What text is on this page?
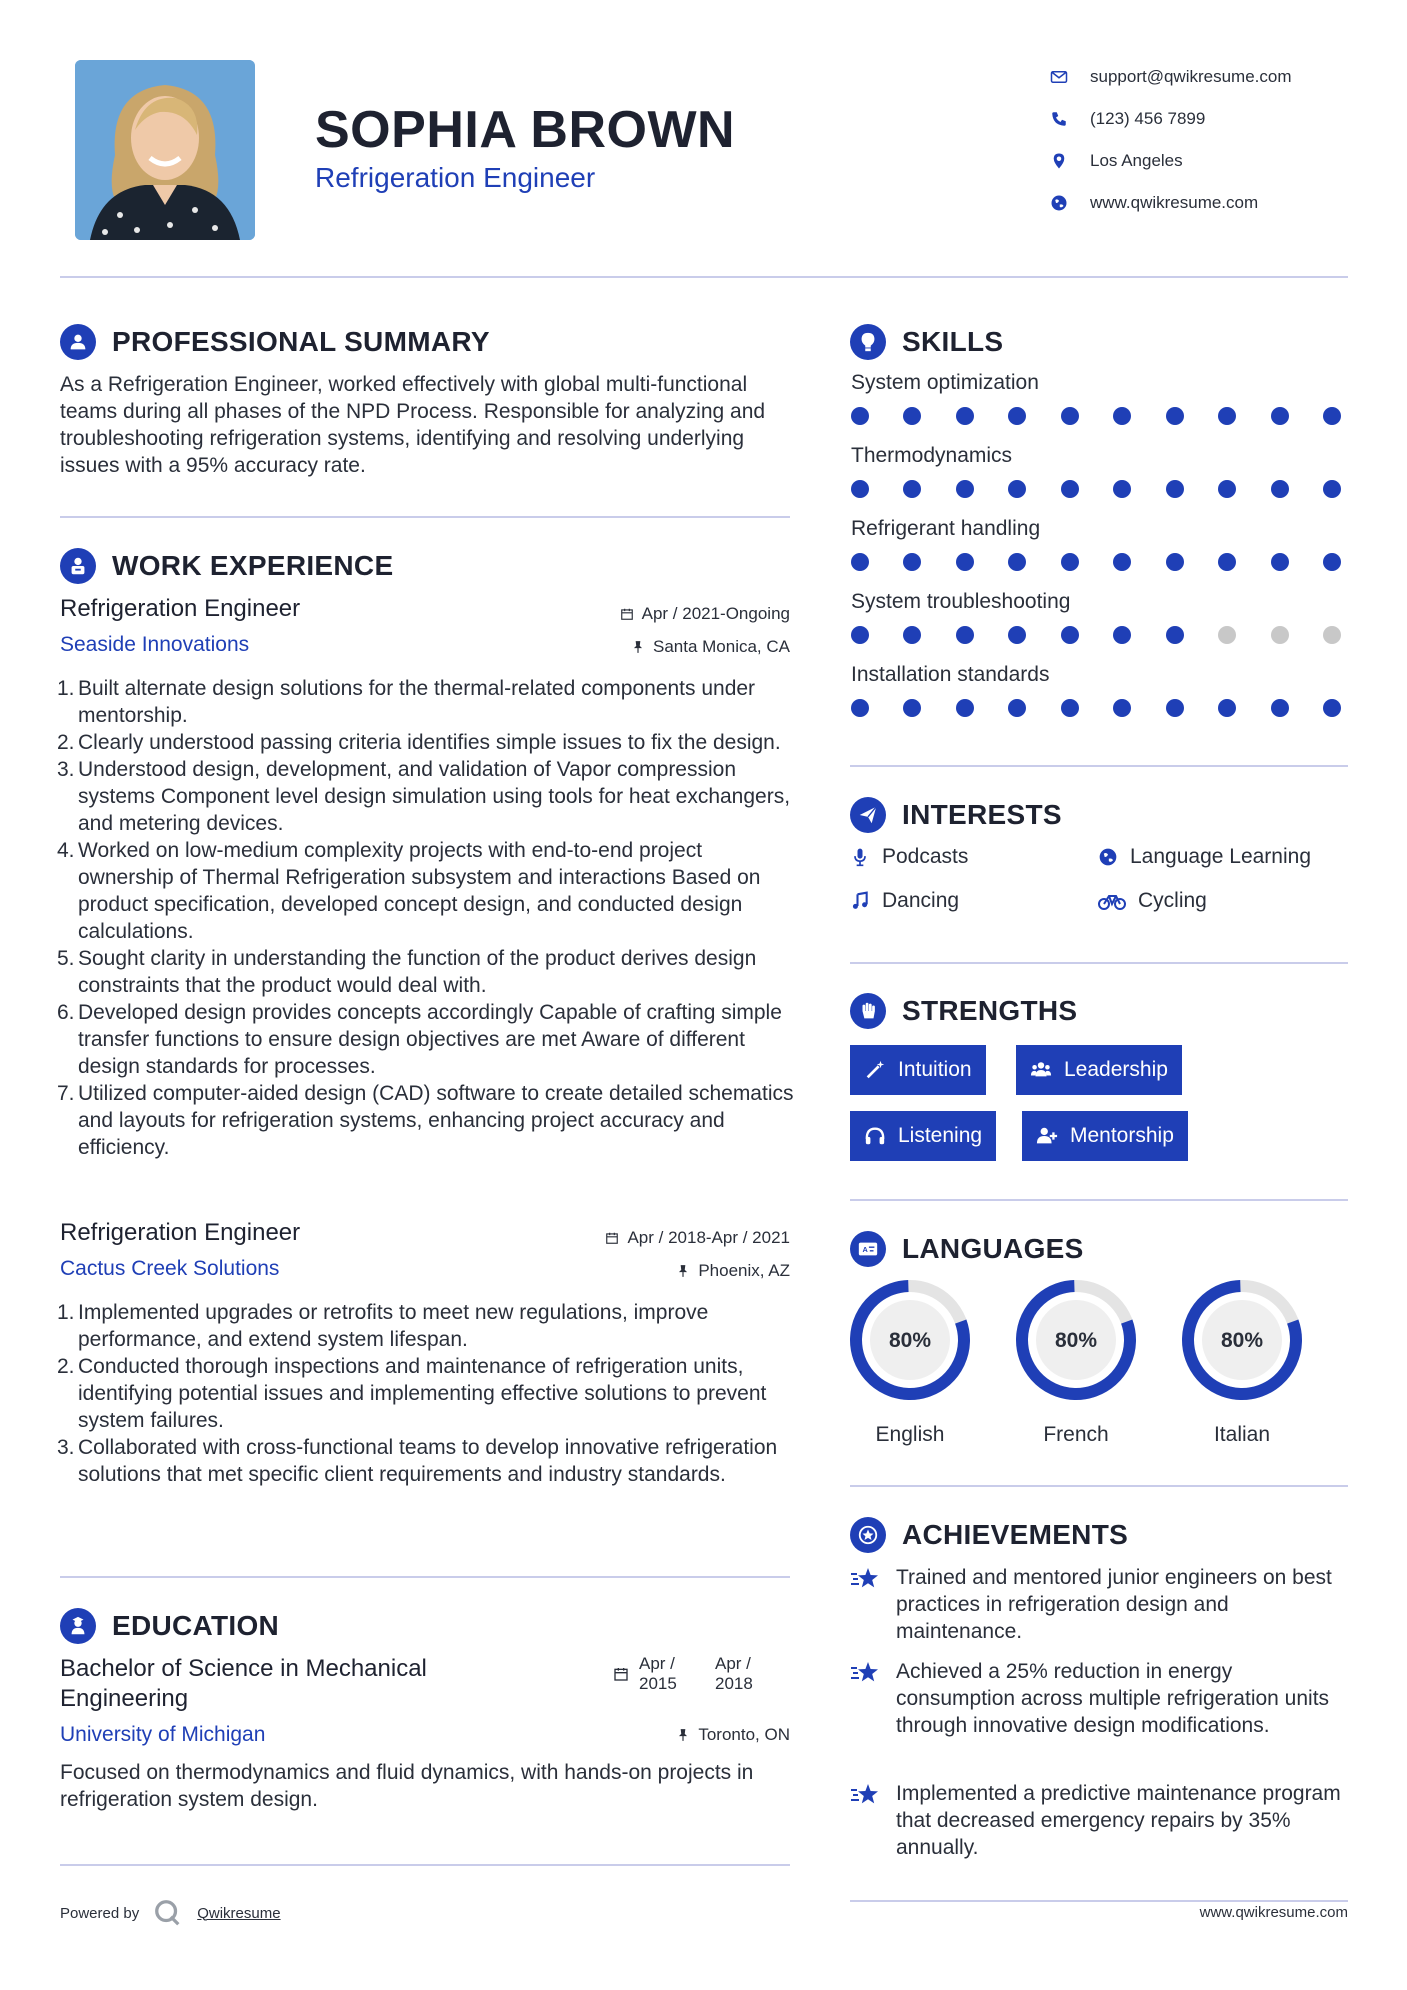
SOPHIA BROWN
Refrigeration Engineer
support@qwikresume.com
(123) 456 7899
Los Angeles
www.qwikresume.com
PROFESSIONAL SUMMARY
As a Refrigeration Engineer, worked effectively with global multi-functional teams during all phases of the NPD Process. Responsible for analyzing and troubleshooting refrigeration systems, identifying and resolving underlying issues with a 95% accuracy rate.
WORK EXPERIENCE
Refrigeration Engineer
Seaside Innovations
Apr / 2021-Ongoing
Santa Monica, CA
1. Built alternate design solutions for the thermal-related components under mentorship.
2. Clearly understood passing criteria identifies simple issues to fix the design.
3. Understood design, development, and validation of Vapor compression systems Component level design simulation using tools for heat exchangers, and metering devices.
4. Worked on low-medium complexity projects with end-to-end project ownership of Thermal Refrigeration subsystem and interactions Based on product specification, developed concept design, and conducted design calculations.
5. Sought clarity in understanding the function of the product derives design constraints that the product would deal with.
6. Developed design provides concepts accordingly Capable of crafting simple transfer functions to ensure design objectives are met Aware of different design standards for processes.
7. Utilized computer-aided design (CAD) software to create detailed schematics and layouts for refrigeration systems, enhancing project accuracy and efficiency.
Refrigeration Engineer
Cactus Creek Solutions
Apr / 2018-Apr / 2021
Phoenix, AZ
1. Implemented upgrades or retrofits to meet new regulations, improve performance, and extend system lifespan.
2. Conducted thorough inspections and maintenance of refrigeration units, identifying potential issues and implementing effective solutions to prevent system failures.
3. Collaborated with cross-functional teams to develop innovative refrigeration solutions that met specific client requirements and industry standards.
EDUCATION
Bachelor of Science in Mechanical Engineering
University of Michigan
Apr / 2015
Apr / 2018
Toronto, ON
Focused on thermodynamics and fluid dynamics, with hands-on projects in refrigeration system design.
SKILLS
System optimization
Thermodynamics
Refrigerant handling
System troubleshooting
Installation standards
INTERESTS
Podcasts	Language Learning
Dancing	Cycling
STRENGTHS
Intuition	Leadership
Listening	Mentorship
A LANGUAGES
80%
English
80%
French
80%
Italian
ACHIEVEMENTS
Trained and mentored junior engineers on best practices in refrigeration design and maintenance.
Achieved a 25% reduction in energy consumption across multiple refrigeration units through innovative design modifications.
Implemented a predictive maintenance program that decreased emergency repairs by 35% annually.
Powered by	Qwikresume	www.qwikresume.com
